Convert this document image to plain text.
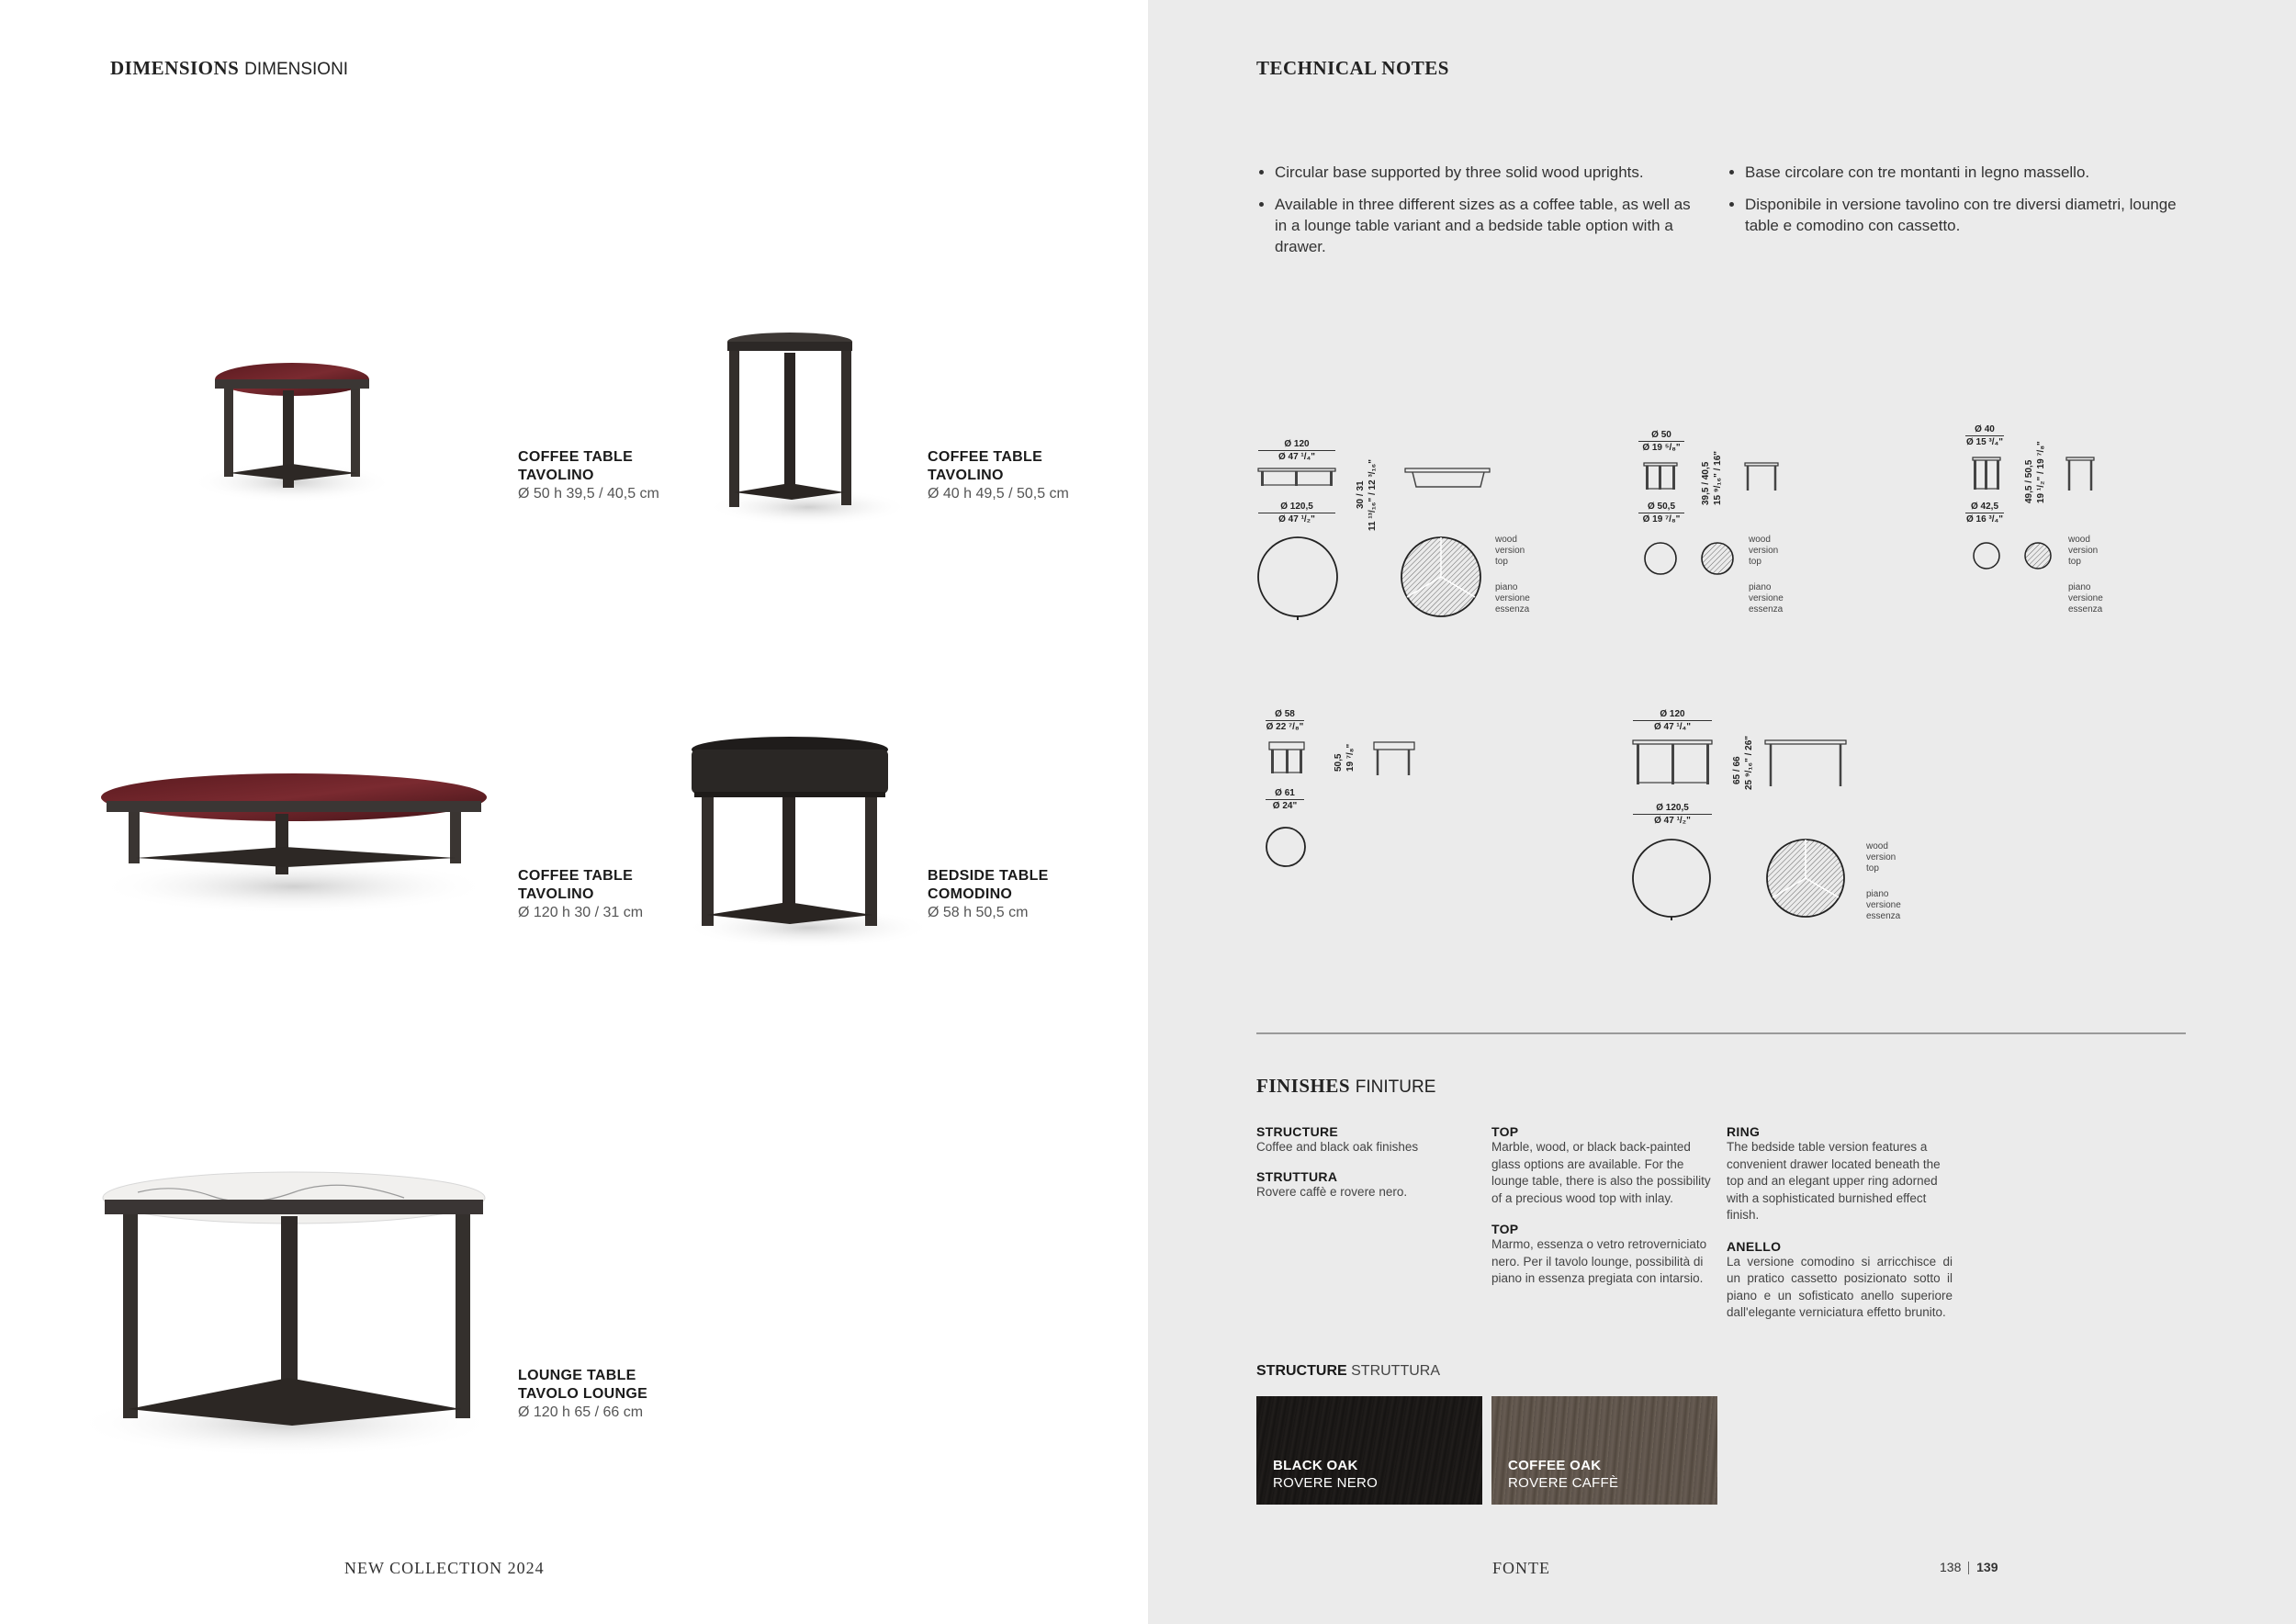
DIMENSIONS DIMENSIONI
COFFEE TABLE
TAVOLINO
Ø 50 h 39,5 / 40,5 cm
COFFEE TABLE
TAVOLINO
Ø 40 h 49,5 / 50,5 cm
COFFEE TABLE
TAVOLINO
Ø 120 h 30 / 31 cm
BEDSIDE TABLE
COMODINO
Ø 58 h 50,5 cm
LOUNGE TABLE
TAVOLO LOUNGE
Ø 120 h 65 / 66 cm
NEW COLLECTION 2024
TECHNICAL NOTES
• Circular base supported by three solid wood uprights.
• Available in three different sizes as a coffee table, as well as in a lounge table variant and a bedside table option with a drawer.
• Base circolare con tre montanti in legno massello.
• Disponibile in versione tavolino con tre diversi diametri, lounge table e comodino con cassetto.
Ø 120
Ø 47 ¹/₄"
Ø 120,5
Ø 47 ¹/₂"
30 / 31 11 ¹³/₁₆" / 12 ³/₁₆"
wood
version
top
piano
versione
essenza
Ø 50
Ø 19 ⁵/₈"
Ø 50,5
Ø 19 ⁷/₈"
39,5 / 40,5 15 ⁹/₁₆" / 16"
wood
version
top
piano
versione
essenza
Ø 40
Ø 15 ³/₄"
Ø 42,5
Ø 16 ³/₄"
49,5 / 50,5 19 ¹/₂" / 19 ⁷/₈"
wood
version
top
piano
versione
essenza
Ø 58
Ø 22 ⁷/₈"
Ø 61
Ø 24"
50,5 19 ⁷/₈"
Ø 120
Ø 47 ¹/₄"
Ø 120,5
Ø 47 ¹/₂"
65 / 66 25 ⁹/₁₆" / 26"
wood
version
top
piano
versione
essenza
FINISHES FINITURE
STRUCTURE
Coffee and black oak finishes
STRUTTURA
Rovere caffè e rovere nero.
TOP
Marble, wood, or black back-painted glass options are available. For the lounge table, there is also the possibility of a precious wood top with inlay.
TOP
Marmo, essenza o vetro retroverniciato nero. Per il tavolo lounge, possibilità di piano in essenza pregiata con intarsio.
RING
The bedside table version features a convenient drawer located beneath the top and an elegant upper ring adorned with a sophisticated burnished effect finish.
ANELLO
La versione comodino si arricchisce di un pratico cassetto posizionato sotto il piano e un sofisticato anello superiore dall'elegante verniciatura effetto brunito.
STRUCTURE STRUTTURA
BLACK OAK
ROVERE NERO
COFFEE OAK
ROVERE CAFFÈ
FONTE	138 139
